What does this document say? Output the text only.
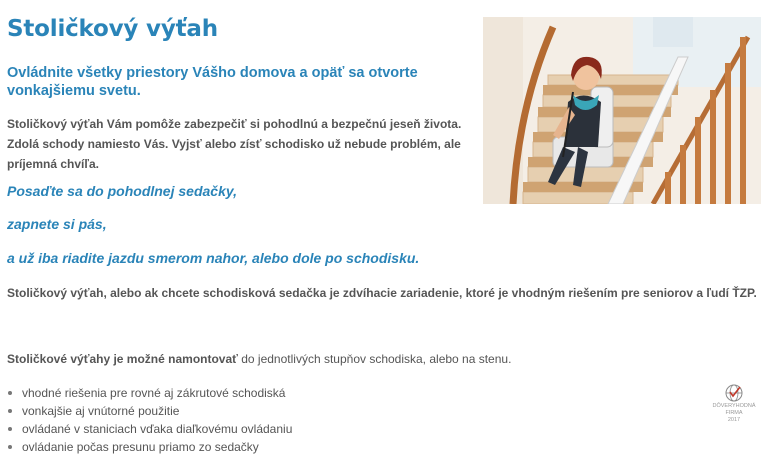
Stoličkový výťah

Ovládnite všetky priestory Vášho domova a opäť sa otvorte vonkajšiemu svetu.

Stoličkový výťah Vám pomôže zabezpečiť si pohodlnú a bezpečnú jeseň života. Zdolá schody namiesto Vás. Vyjsť alebo zísť schodisko už nebude problém, ale príjemná chvíľa.

Posaďte sa do pohodlnej sedačky,

zapnete si pás,

a už iba riadite jazdu smerom nahor, alebo dole po schodisku.

Stoličkový výťah, alebo ak chcete schodisková sedačka je zdvíhacie zariadenie, ktoré je vhodným riešením pre seniorov a ľudí ŤZP.

Stoličkové výťahy je možné namontovať do jednotlivých stupňov schodiska, alebo na stenu.

vhodné riešenia pre rovné aj zákrutové schodiská
vonkajšie aj vnútorné použitie
ovládané v staniciach vďaka diaľkovému ovládaniu
ovládanie počas presunu priamo zo sedačky
DÔVERYHODNÁ
FIRMA
2017
